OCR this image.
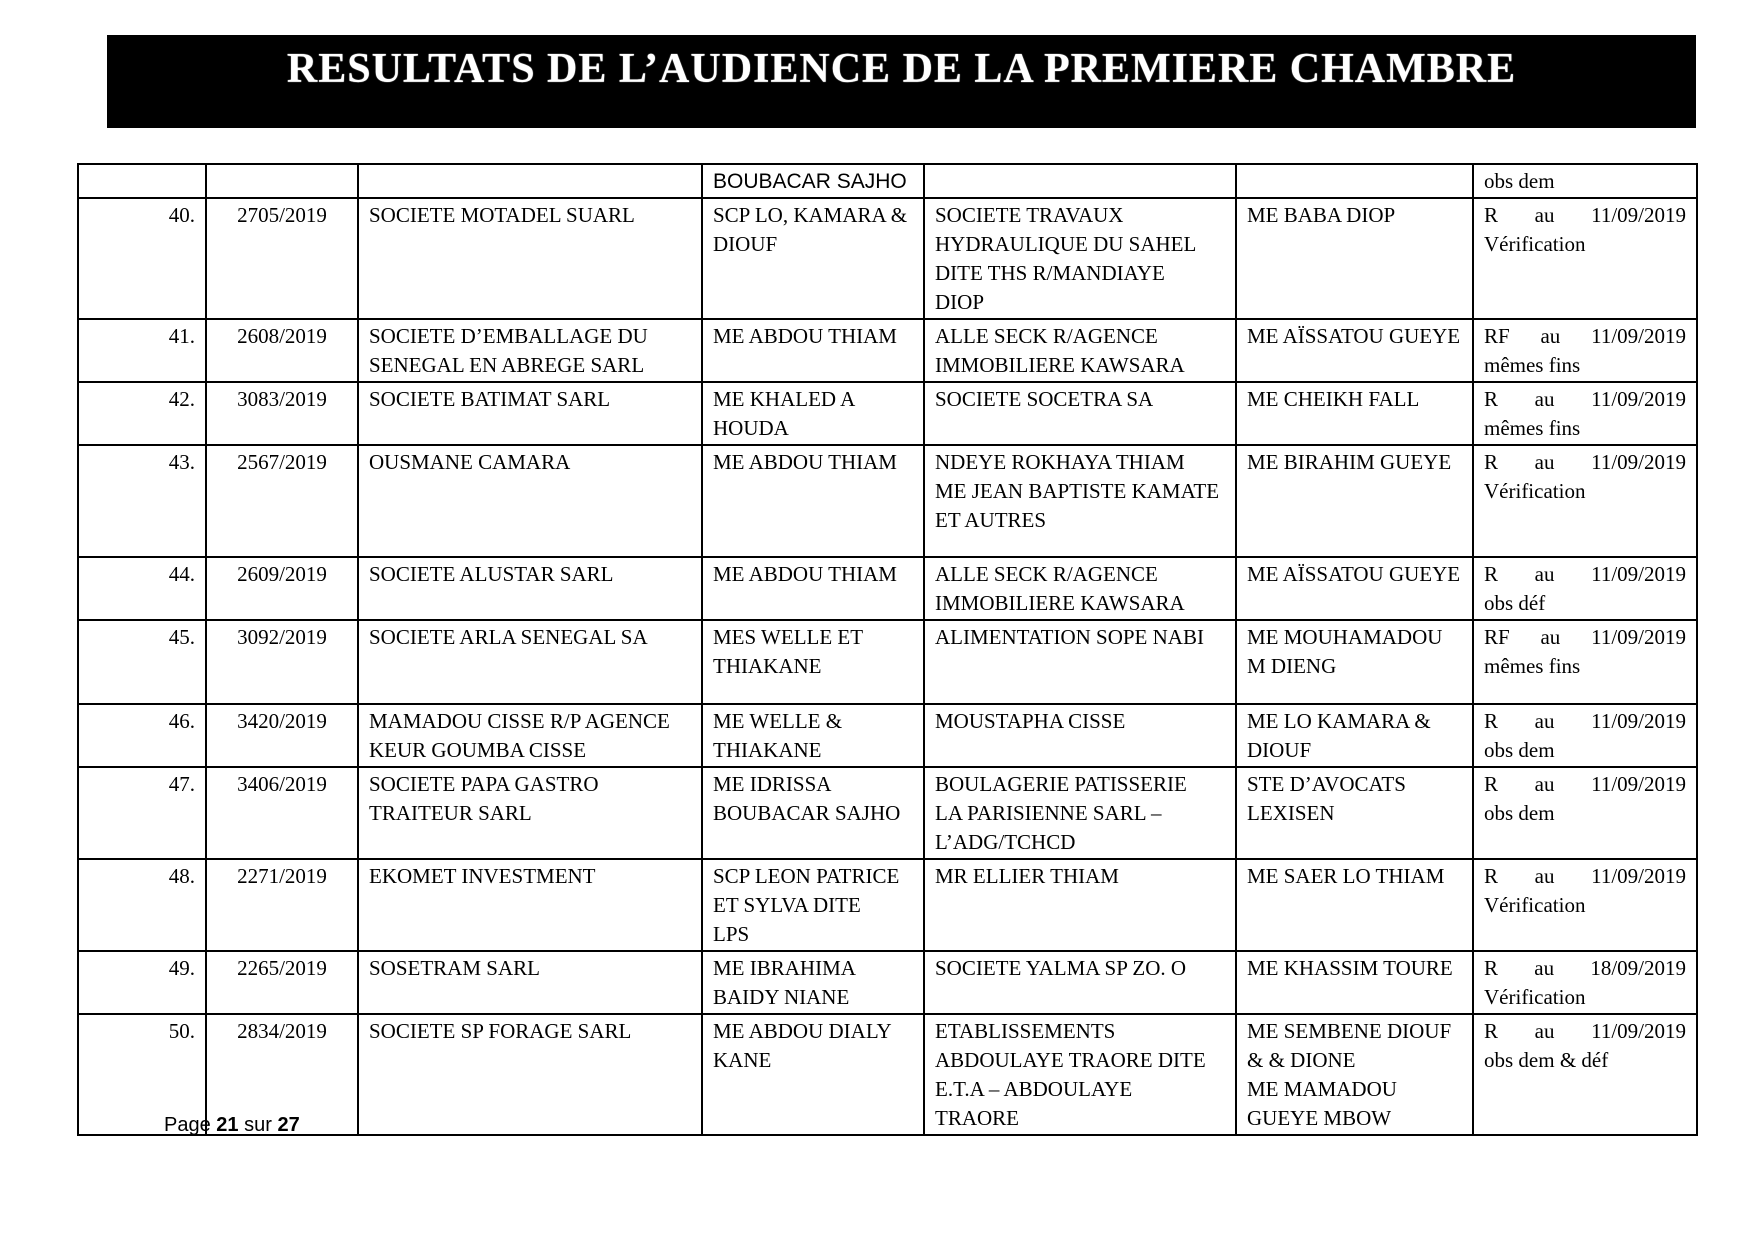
RESULTATS DE L’AUDIENCE DE LA PREMIERE CHAMBRE
			BOUBACAR SAJHO			obs dem
40.	2705/2019	SOCIETE MOTADEL SUARL	SCP LO, KAMARA &
DIOUF	SOCIETE TRAVAUX
HYDRAULIQUE DU SAHEL
DITE THS R/MANDIAYE
DIOP	ME BABA DIOP	R au 11/09/2019
Vérification

41.	2608/2019	SOCIETE D’EMBALLAGE DU
SENEGAL EN ABREGE SARL	ME ABDOU THIAM	ALLE SECK R/AGENCE
IMMOBILIERE KAWSARA	ME AÏSSATOU GUEYE	RF au 11/09/2019
mêmes fins

42.	3083/2019	SOCIETE BATIMAT SARL	ME KHALED A
HOUDA	SOCIETE SOCETRA SA	ME CHEIKH FALL	R au 11/09/2019
mêmes fins

43.	2567/2019	OUSMANE CAMARA	ME ABDOU THIAM	NDEYE ROKHAYA THIAM
ME JEAN BAPTISTE KAMATE
ET AUTRES	ME BIRAHIM GUEYE	R au 11/09/2019
Vérification

44.	2609/2019	SOCIETE ALUSTAR SARL	ME ABDOU THIAM	ALLE SECK R/AGENCE
IMMOBILIERE KAWSARA	ME AÏSSATOU GUEYE	R au 11/09/2019
obs déf

45.	3092/2019	SOCIETE ARLA SENEGAL SA	MES WELLE ET
THIAKANE	ALIMENTATION SOPE NABI	ME MOUHAMADOU
M DIENG	RF au 11/09/2019
mêmes fins

46.	3420/2019	MAMADOU CISSE R/P AGENCE
KEUR GOUMBA CISSE	ME WELLE &
THIAKANE	MOUSTAPHA CISSE	ME LO KAMARA &
DIOUF	R au 11/09/2019
obs dem

47.	3406/2019	SOCIETE PAPA GASTRO
TRAITEUR SARL	ME IDRISSA
BOUBACAR SAJHO	BOULAGERIE PATISSERIE
LA PARISIENNE SARL –
L’ADG/TCHCD	STE D’AVOCATS
LEXISEN	R au 11/09/2019
obs dem

48.	2271/2019	EKOMET INVESTMENT	SCP LEON PATRICE
ET SYLVA DITE
LPS	MR ELLIER THIAM	ME SAER LO THIAM	R au 11/09/2019
Vérification

49.	2265/2019	SOSETRAM SARL	ME IBRAHIMA
BAIDY NIANE	SOCIETE YALMA SP ZO. O	ME KHASSIM TOURE	R au 18/09/2019
Vérification

50.	2834/2019	SOCIETE SP FORAGE SARL	ME ABDOU DIALY
KANE	ETABLISSEMENTS
ABDOULAYE TRAORE DITE
E.T.A – ABDOULAYE
TRAORE	ME SEMBENE DIOUF
& & DIONE
ME MAMADOU
GUEYE MBOW	R au 11/09/2019
obs dem & déf
Page 21 sur 27
